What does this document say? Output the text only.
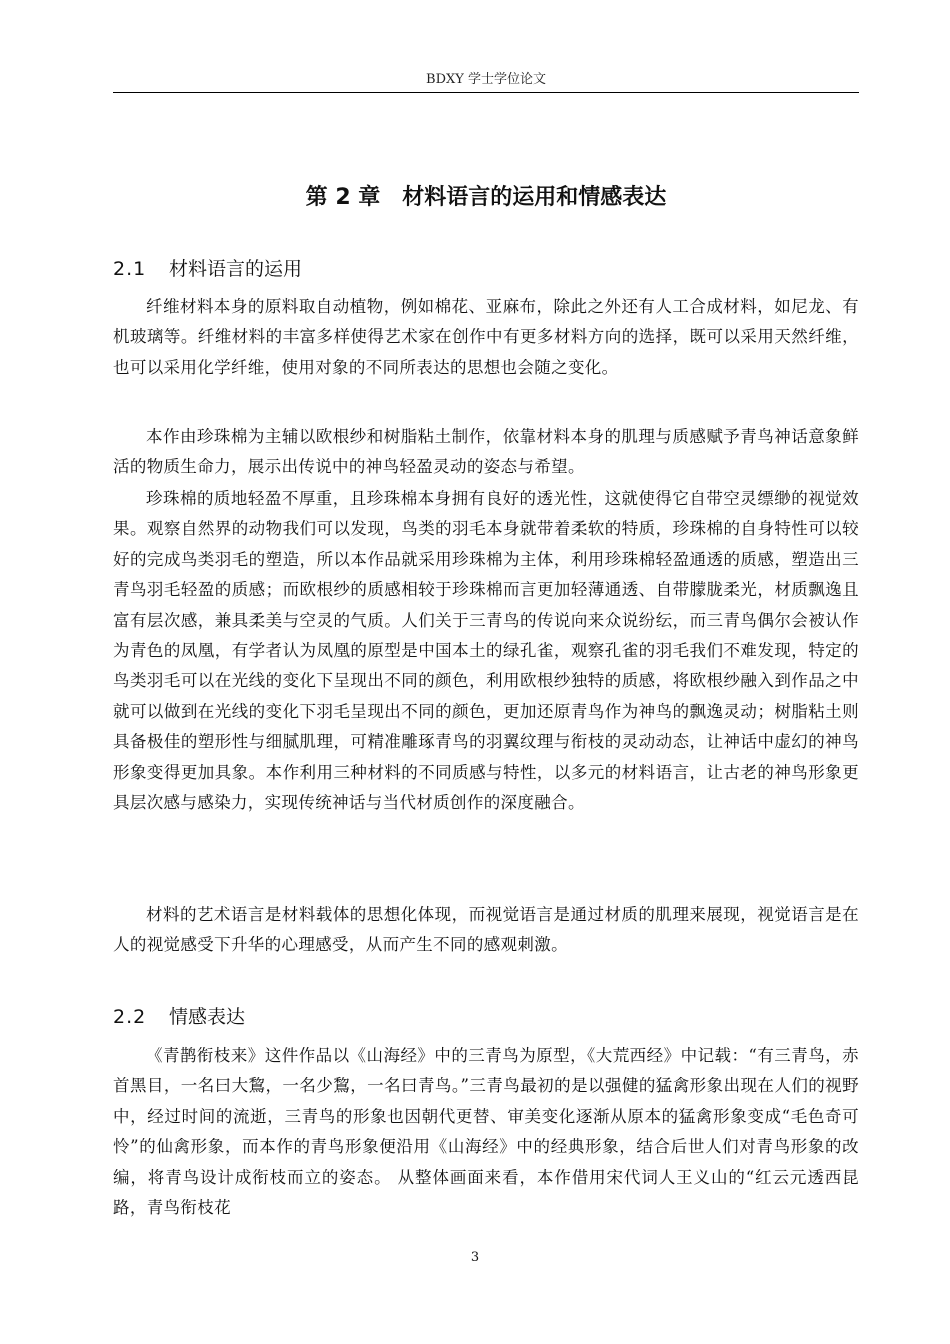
BDXY 学士学位论文
第 2 章　材料语言的运用和情感表达
2.1 材料语言的运用

纤维材料本身的原料取自动植物，例如棉花、亚麻布，除此之外还有人工合成材料，如尼龙、有机玻璃等。纤维材料的丰富多样使得艺术家在创作中有更多材料方向的选择，既可以采用天然纤维，也可以采用化学纤维，使用对象的不同所表达的思想也会随之变化。

本作由珍珠棉为主辅以欧根纱和树脂粘土制作，依靠材料本身的肌理与质感赋予青鸟神话意象鲜活的物质生命力，展示出传说中的神鸟轻盈灵动的姿态与希望。

珍珠棉的质地轻盈不厚重，且珍珠棉本身拥有良好的透光性，这就使得它自带空灵缥缈的视觉效果。观察自然界的动物我们可以发现，鸟类的羽毛本身就带着柔软的特质，珍珠棉的自身特性可以较好的完成鸟类羽毛的塑造，所以本作品就采用珍珠棉为主体，利用珍珠棉轻盈通透的质感，塑造出三青鸟羽毛轻盈的质感；而欧根纱的质感相较于珍珠棉而言更加轻薄通透、自带朦胧柔光，材质飘逸且富有层次感，兼具柔美与空灵的气质。人们关于三青鸟的传说向来众说纷纭，而三青鸟偶尔会被认作为青色的凤凰，有学者认为凤凰的原型是中国本土的绿孔雀，观察孔雀的羽毛我们不难发现，特定的鸟类羽毛可以在光线的变化下呈现出不同的颜色，利用欧根纱独特的质感，将欧根纱融入到作品之中就可以做到在光线的变化下羽毛呈现出不同的颜色，更加还原青鸟作为神鸟的飘逸灵动；树脂粘土则具备极佳的塑形性与细腻肌理，可精准雕琢青鸟的羽翼纹理与衔枝的灵动动态，让神话中虚幻的神鸟形象变得更加具象。本作利用三种材料的不同质感与特性，以多元的材料语言，让古老的神鸟形象更具层次感与感染力，实现传统神话与当代材质创作的深度融合。

材料的艺术语言是材料载体的思想化体现，而视觉语言是通过材质的肌理来展现，视觉语言是在人的视觉感受下升华的心理感受，从而产生不同的感观刺激。

2.2 情感表达

《青鹊衔枝来》这件作品以《山海经》中的三青鸟为原型，《大荒西经》中记载：“有三青鸟，赤首黑目，一名曰大鵹，一名少鵹，一名曰青鸟。”三青鸟最初的是以强健的猛禽形象出现在人们的视野中，经过时间的流逝，三青鸟的形象也因朝代更替、审美变化逐渐从原本的猛禽形象变成“毛色奇可怜”的仙禽形象，而本作的青鸟形象便沿用《山海经》中的经典形象，结合后世人们对青鸟形象的改编，将青鸟设计成衔枝而立的姿态。 从整体画面来看，本作借用宋代词人王义山的“红云元透西昆路，青鸟衔枝花

3
